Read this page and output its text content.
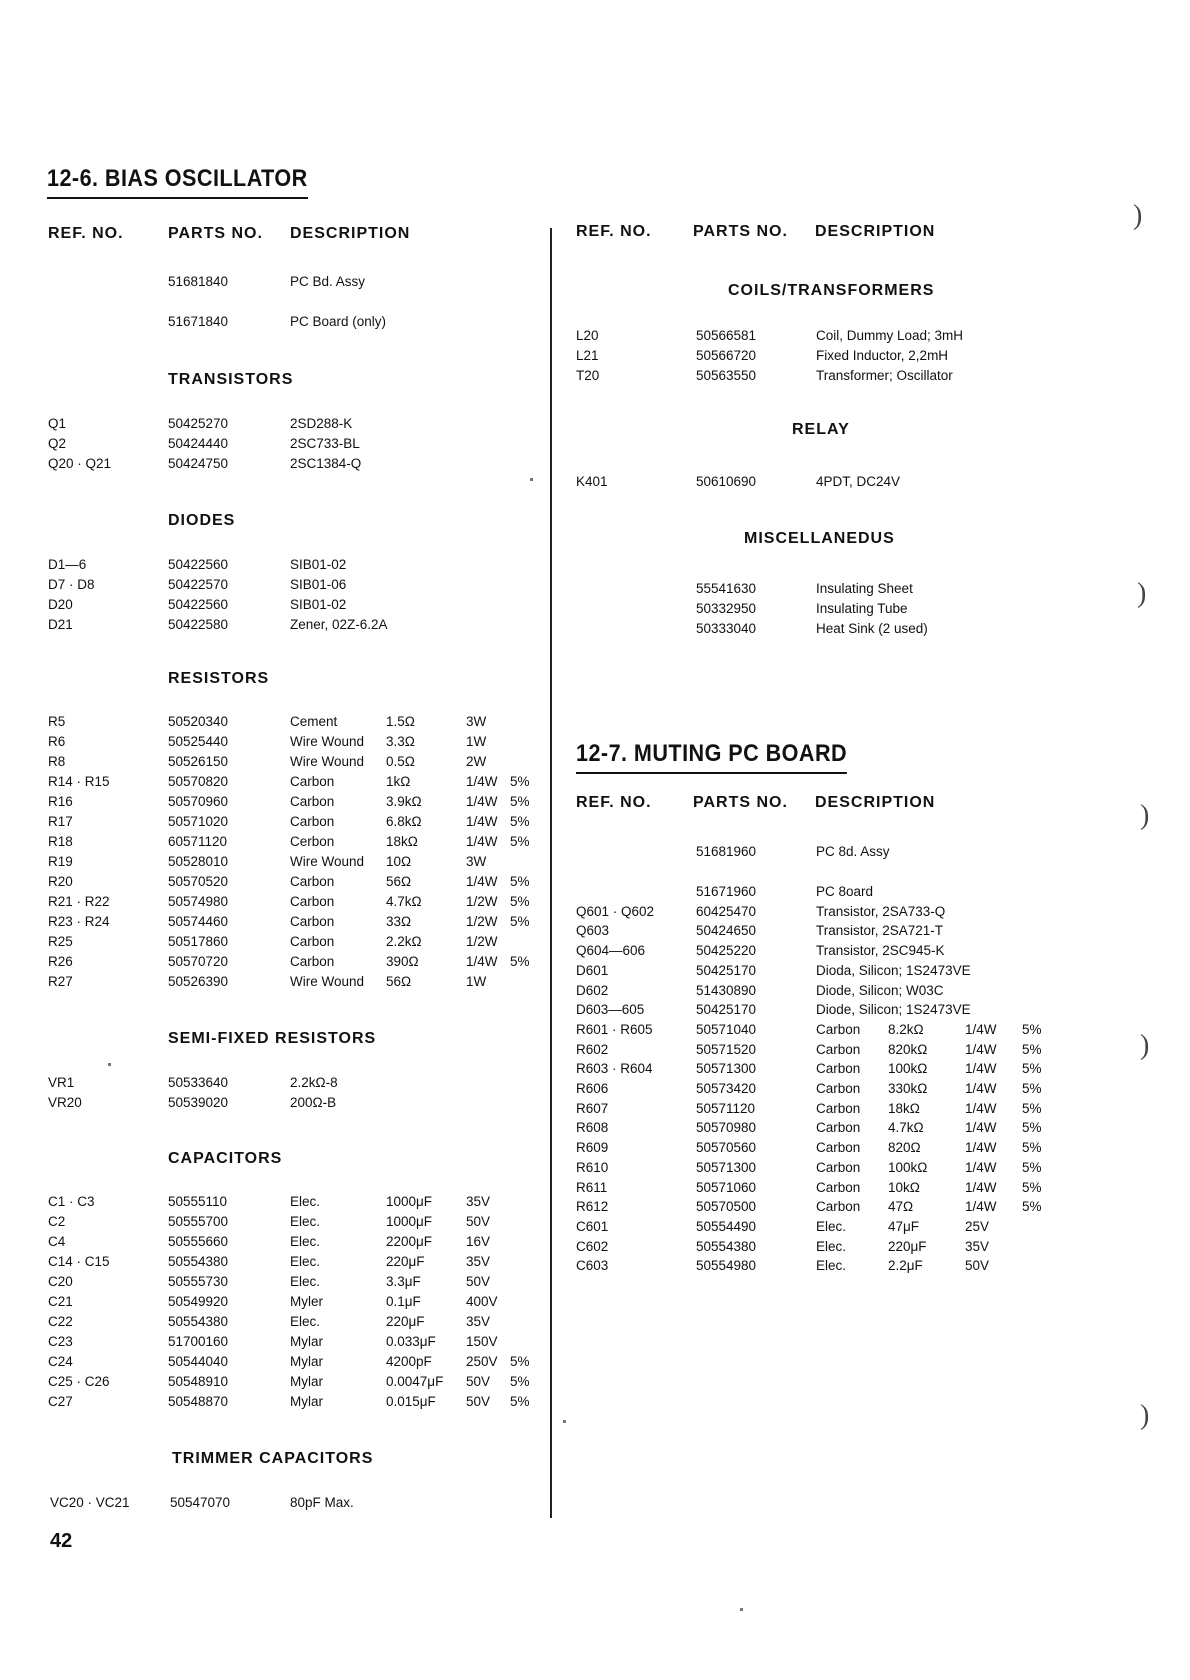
12-6. BIAS OSCILLATOR
REF. NO.	PARTS NO. DESCRIPTION
51681840	PC Bd. Assy
51671840	PC Board (only)
TRANSISTORS
Q1	50425270	2SD288-K
Q2	50424440	2SC733-BL
Q20 · Q21	50424750	2SC1384-Q
DIODES
D1—6	50422560	SIB01-02
D7 · D8	50422570	SIB01-06
D20	50422560	SIB01-02
D21	50422580	Zener, 02Z-6.2A
RESISTORS
R5	50520340	Cement	1.5Ω	3W
R6	50525440	Wire Wound 3.3Ω	1W
R8	50526150	Wire Wound 0.5Ω	2W
R14 · R15	50570820	Carbon	1kΩ	1/4W 5%
R16	50570960	Carbon	3.9kΩ	1/4W 5%
R17	50571020	Carbon	6.8kΩ	1/4W 5%
R18	60571120	Cerbon	18kΩ	1/4W 5%
R19	50528010	Wire Wound 10Ω	3W
R20	50570520	Carbon	56Ω	1/4W 5%
R21 · R22	50574980	Carbon	4.7kΩ	1/2W 5%
R23 · R24	50574460	Carbon	33Ω	1/2W 5%
R25	50517860	Carbon	2.2kΩ	1/2W
R26	50570720	Carbon	390Ω	1/4W 5%
R27	50526390	Wire Wound 56Ω	1W
SEMI-FIXED RESISTORS
VR1	50533640	2.2kΩ-8
VR20	50539020	200Ω-B
CAPACITORS
C1 · C3	50555110	Elec.	1000μF	35V
C2	50555700	Elec.	1000μF	50V
C4	50555660	Elec.	2200μF	16V
C14 · C15	50554380	Elec.	220μF	35V
C20	50555730	Elec.	3.3μF	50V
C21	50549920	Myler	0.1μF	400V
C22	50554380	Elec.	220μF	35V
C23	51700160	Mylar	0.033μF 150V
C24	50544040	Mylar	4200pF	250V 5%
C25 · C26	50548910	Mylar	0.0047μF 50V 5%
C27	50548870	Mylar	0.015μF 50V 5%
TRIMMER CAPACITORS
VC20 · VC21	50547070	80pF Max.
REF. NO.	PARTS NO. DESCRIPTION
COILS/TRANSFORMERS
L20	50566581	Coil, Dummy Load; 3mH
L21	50566720	Fixed Inductor, 2,2mH
T20	50563550	Transformer; Oscillator
RELAY
K401	50610690	4PDT, DC24V
MISCELLANEDUS
55541630	Insulating Sheet
50332950	Insulating Tube
50333040	Heat Sink (2 used)
12-7. MUTING PC BOARD
REF. NO.	PARTS NO. DESCRIPTION
51681960	PC 8d. Assy
51671960	PC 8oard
Q601 · Q602	60425470	Transistor, 2SA733-Q
Q603	50424650	Transistor, 2SA721-T
Q604—606	50425220	Transistor, 2SC945-K
D601	50425170	Dioda, Silicon; 1S2473VE
D602	51430890	Diode, Silicon; W03C
D603—605	50425170	Diode, Silicon; 1S2473VE
R601 · R605	50571040	Carbon 8.2kΩ	1/4W 5%
R602	50571520	Carbon 820kΩ	1/4W 5%
R603 · R604	50571300	Carbon 100kΩ	1/4W 5%
R606	50573420	Carbon 330kΩ	1/4W 5%
R607	50571120	Carbon 18kΩ	1/4W 5%
R608	50570980	Carbon 4.7kΩ	1/4W 5%
R609	50570560	Carbon 820Ω	1/4W 5%
R610	50571300	Carbon 100kΩ	1/4W 5%
R611	50571060	Carbon 10kΩ	1/4W 5%
R612	50570500	Carbon 47Ω	1/4W 5%
C601	50554490	Elec.	47μF	25V
C602	50554380	Elec.	220μF	35V
C603	50554980	Elec.	2.2μF	50V
42
)
)
)
)
)
